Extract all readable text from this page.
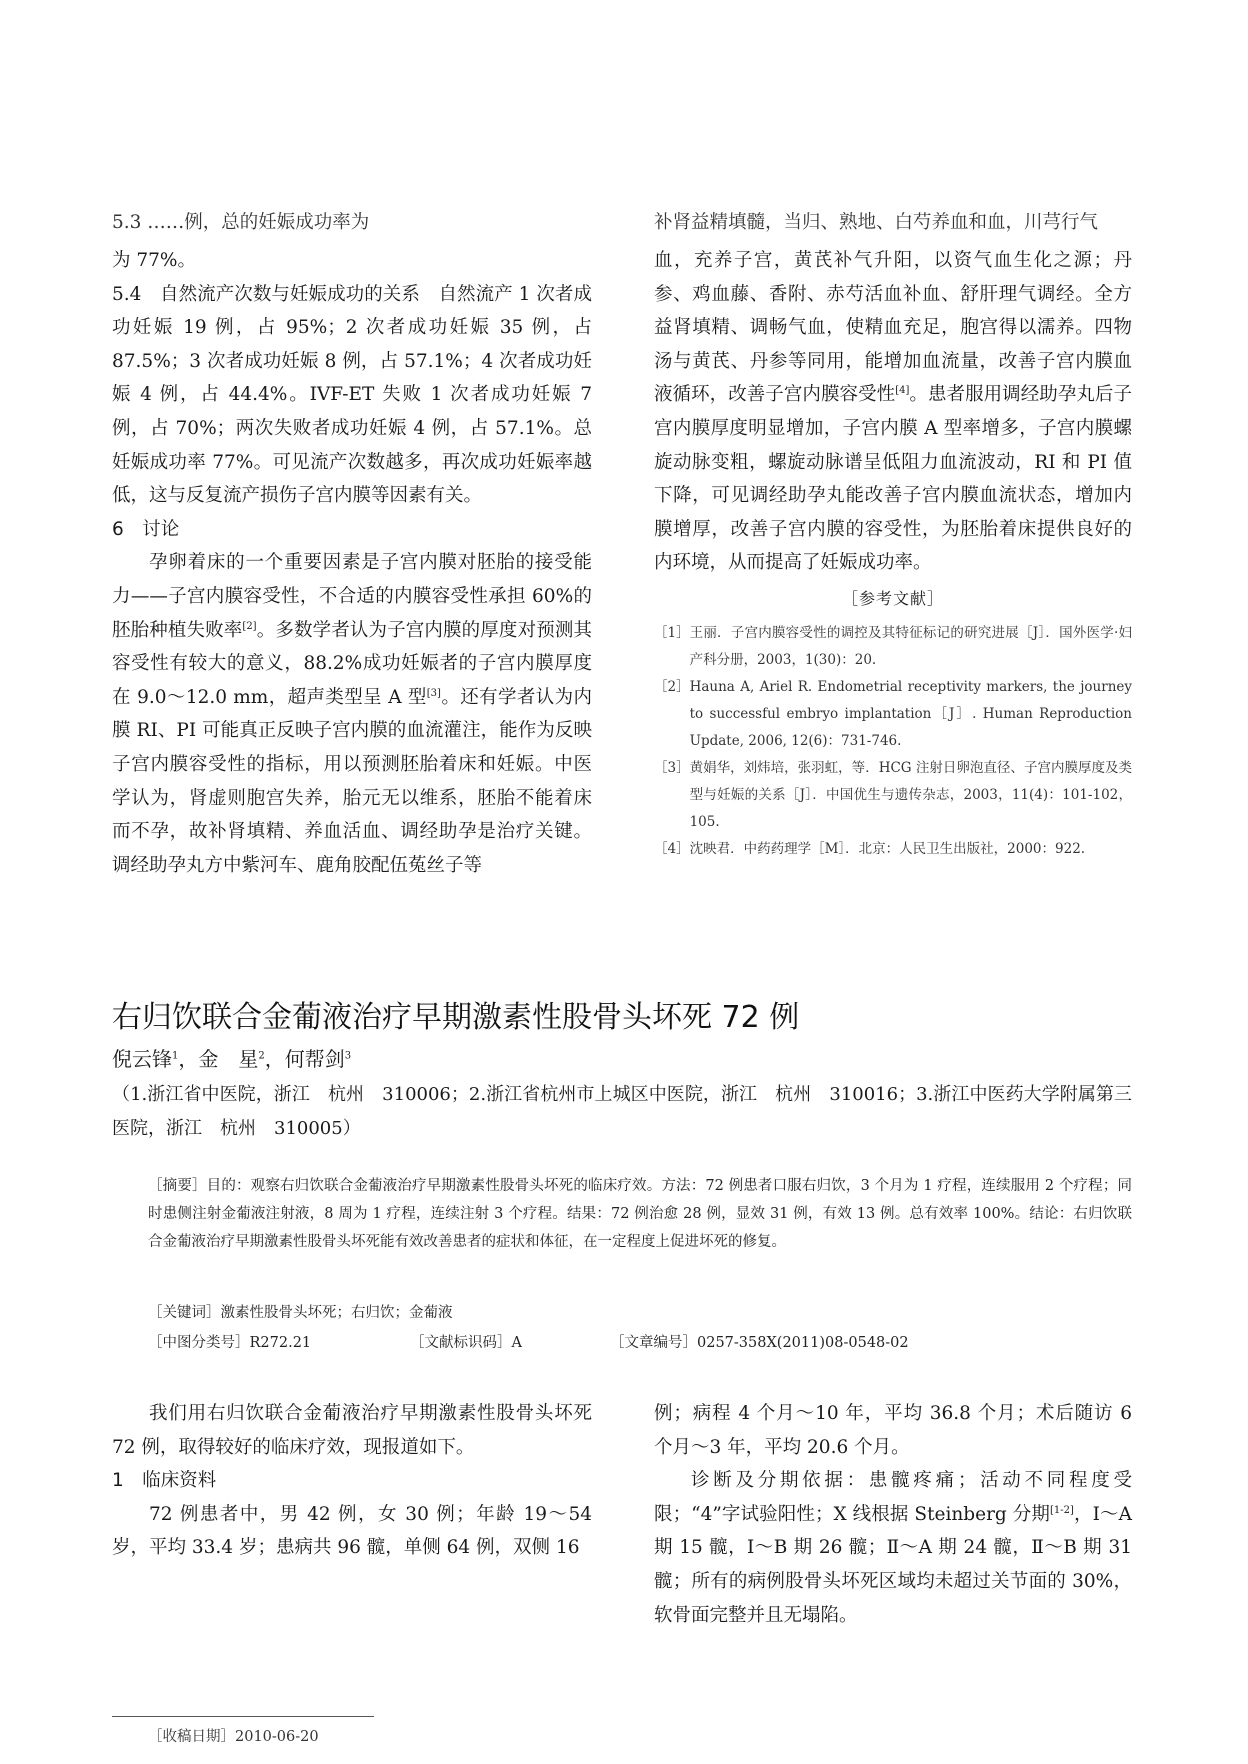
5.3 ……例，总的妊娠成功率为

为 77%。

5.4　自然流产次数与妊娠成功的关系　自然流产 1 次者成功妊娠 19 例，占 95%；2 次者成功妊娠 35 例，占 87.5%；3 次者成功妊娠 8 例，占 57.1%；4 次者成功妊娠 4 例，占 44.4%。IVF-ET 失败 1 次者成功妊娠 7 例，占 70%；两次失败者成功妊娠 4 例，占 57.1%。总妊娠成功率 77%。可见流产次数越多，再次成功妊娠率越低，这与反复流产损伤子宫内膜等因素有关。

6　讨论

孕卵着床的一个重要因素是子宫内膜对胚胎的接受能力——子宫内膜容受性，不合适的内膜容受性承担 60%的胚胎种植失败率[2]。多数学者认为子宫内膜的厚度对预测其容受性有较大的意义，88.2%成功妊娠者的子宫内膜厚度在 9.0～12.0 mm，超声类型呈 A 型[3]。还有学者认为内膜 RI、PI 可能真正反映子宫内膜的血流灌注，能作为反映子宫内膜容受性的指标，用以预测胚胎着床和妊娠。中医学认为，肾虚则胞宫失养，胎元无以维系，胚胎不能着床而不孕，故补肾填精、养血活血、调经助孕是治疗关键。调经助孕丸方中紫河车、鹿角胶配伍菟丝子等

补肾益精填髓，当归、熟地、白芍养血和血，川芎行气

血，充养子宫，黄芪补气升阳，以资气血生化之源；丹参、鸡血藤、香附、赤芍活血补血、舒肝理气调经。全方益肾填精、调畅气血，使精血充足，胞宫得以濡养。四物汤与黄芪、丹参等同用，能增加血流量，改善子宫内膜血液循环，改善子宫内膜容受性[4]。患者服用调经助孕丸后子宫内膜厚度明显增加，子宫内膜 A 型率增多，子宫内膜螺旋动脉变粗，螺旋动脉谱呈低阻力血流波动，RI 和 PI 值下降，可见调经助孕丸能改善子宫内膜血流状态，增加内膜增厚，改善子宫内膜的容受性，为胚胎着床提供良好的内环境，从而提高了妊娠成功率。

［参考文献］
［1］ 王丽．子宫内膜容受性的调控及其特征标记的研究进展［J］．国外医学·妇产科分册，2003，1(30)：20.
［2］ Hauna A, Ariel R. Endometrial receptivity markers, the journey to successful embryo implantation［J］. Human Reproduction Update, 2006, 12(6)：731-746.
［3］ 黄娟华，刘炜培，张羽虹，等．HCG 注射日卵泡直径、子宫内膜厚度及类型与妊娠的关系［J］．中国优生与遗传杂志，2003，11(4)：101-102，105.
［4］ 沈映君．中药药理学［M］．北京：人民卫生出版社，2000：922.
右归饮联合金葡液治疗早期激素性股骨头坏死 72 例
倪云锋$^1$，金　星$^2$，何帮剑$^3$
（1.浙江省中医院，浙江　杭州　310006；2.浙江省杭州市上城区中医院，浙江　杭州　310016；3.浙江中医药大学附属第三医院，浙江　杭州　310005）

［摘要］目的：观察右归饮联合金葡液治疗早期激素性股骨头坏死的临床疗效。方法：72 例患者口服右归饮，3 个月为 1 疗程，连续服用 2 个疗程；同时患侧注射金葡液注射液，8 周为 1 疗程，连续注射 3 个疗程。结果：72 例治愈 28 例，显效 31 例，有效 13 例。总有效率 100%。结论：右归饮联合金葡液治疗早期激素性股骨头坏死能有效改善患者的症状和体征，在一定程度上促进坏死的修复。

［关键词］激素性股骨头坏死；右归饮；金葡液
［中图分类号］R272.21	［文献标识码］A	［文章编号］0257-358X(2011)08-0548-02

我们用右归饮联合金葡液治疗早期激素性股骨头坏死 72 例，取得较好的临床疗效，现报道如下。

1　临床资料

72 例患者中，男 42 例，女 30 例；年龄 19～54 岁，平均 33.4 岁；患病共 96 髋，单侧 64 例，双侧 16

例；病程 4 个月～10 年，平均 36.8 个月；术后随访 6 个月～3 年，平均 20.6 个月。

诊断及分期依据：患髋疼痛；活动不同程度受限；“4”字试验阳性；X 线根据 Steinberg 分期[1-2]，Ⅰ～A 期 15 髋，Ⅰ～B 期 26 髋；Ⅱ～A 期 24 髋，Ⅱ～B 期 31 髋；所有的病例股骨头坏死区域均未超过关节面的 30%，软骨面完整并且无塌陷。

［收稿日期］2010-06-20
